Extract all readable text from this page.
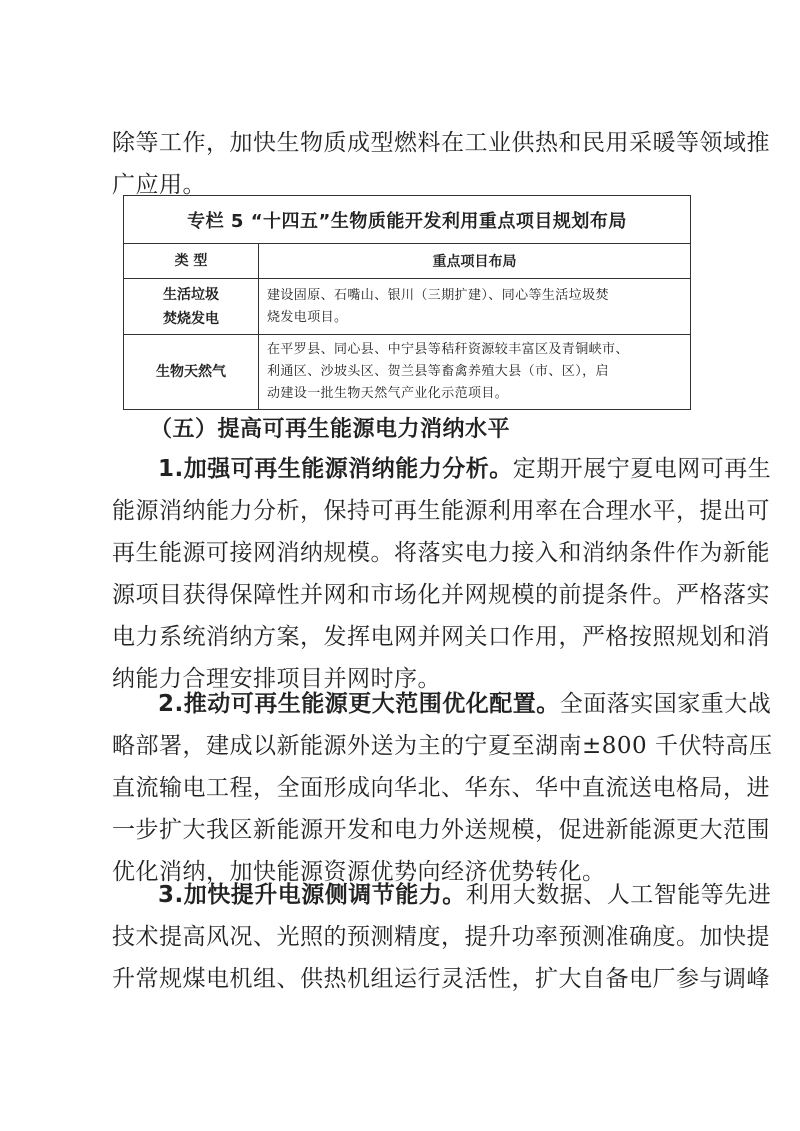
除等工作，加快生物质成型燃料在工业供热和民用采暖等领域推
广应用。

专栏 5 “十四五”生物质能开发利用重点项目规划布局	
类 型	重点项目布局

生活垃圾
焚烧发电	建设固原、石嘴山、银川（三期扩建）、同心等生活垃圾焚
烧发电项目。

生物天然气	在平罗县、同心县、中宁县等秸秆资源较丰富区及青铜峡市、
利通区、沙坡头区、贺兰县等畜禽养殖大县（市、区），启
动建设一批生物天然气产业化示范项目。
（五）提高可再生能源电力消纳水平

1.加强可再生能源消纳能力分析。定期开展宁夏电网可再生
能源消纳能力分析，保持可再生能源利用率在合理水平，提出可
再生能源可接网消纳规模。将落实电力接入和消纳条件作为新能
源项目获得保障性并网和市场化并网规模的前提条件。严格落实
电力系统消纳方案，发挥电网并网关口作用，严格按照规划和消
纳能力合理安排项目并网时序。

2.推动可再生能源更大范围优化配置。全面落实国家重大战
略部署，建成以新能源外送为主的宁夏至湖南±800 千伏特高压
直流输电工程，全面形成向华北、华东、华中直流送电格局，进
一步扩大我区新能源开发和电力外送规模，促进新能源更大范围
优化消纳，加快能源资源优势向经济优势转化。

3.加快提升电源侧调节能力。利用大数据、人工智能等先进
技术提高风况、光照的预测精度，提升功率预测准确度。加快提
升常规煤电机组、供热机组运行灵活性，扩大自备电厂参与调峰
